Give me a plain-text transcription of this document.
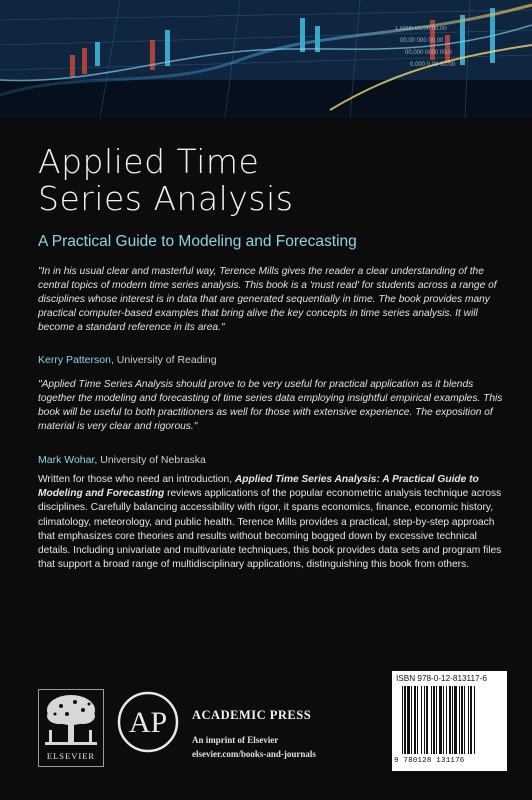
1,0000 00,00 00.00
00.00 000 00,00
00,000 0000 00.0
0.000 0,00 00.00
Applied Time
Series Analysis
A Practical Guide to Modeling and Forecasting
"In in his usual clear and masterful way, Terence Mills gives the reader a clear understanding of the central topics of modern time series analysis. This book is a 'must read' for students across a range of disciplines whose interest is in data that are generated sequentially in time. The book provides many practical computer-based examples that bring alive the key concepts in time series analysis. It will become a standard reference in its area."
Kerry Patterson, University of Reading
"Applied Time Series Analysis should prove to be very useful for practical application as it blends together the modeling and forecasting of time series data employing insightful empirical examples. This book will be useful to both practitioners as well for those with extensive experience. The exposition of material is very clear and rigorous."
Mark Wohar, University of Nebraska
Written for those who need an introduction, Applied Time Series Analysis: A Practical Guide to Modeling and Forecasting reviews applications of the popular econometric analysis technique across disciplines. Carefully balancing accessibility with rigor, it spans economics, finance, economic history, climatology, meteorology, and public health. Terence Mills provides a practical, step-by-step approach that emphasizes core theories and results without becoming bogged down by excessive technical details. Including univariate and multivariate techniques, this book provides data sets and program files that support a broad range of multidisciplinary applications, distinguishing this book from others.
ELSEVIER
AP ACADEMIC PRESS
An imprint of Elsevier
elsevier.com/books-and-journals
ISBN 978-0-12-813117-6
9 780128 131176
